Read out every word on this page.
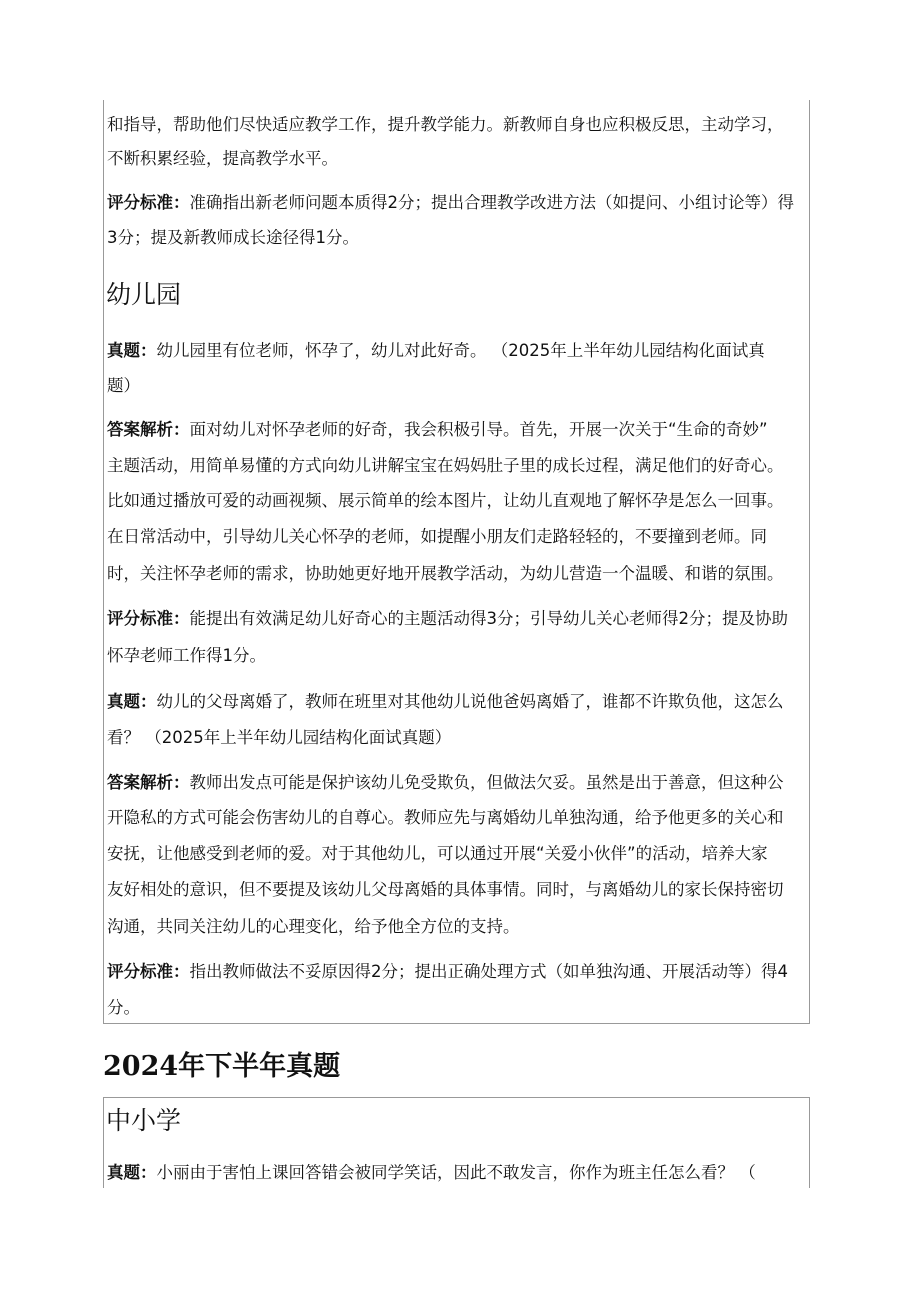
和指导，帮助他们尽快适应教学工作，提升教学能力。新教师自身也应积极反思，主动学习，
不断积累经验，提高教学水平。
评分标准：准确指出新老师问题本质得2分；提出合理教学改进方法（如提问、小组讨论等）得
3分；提及新教师成长途径得1分。
幼儿园
真题：幼儿园里有位老师，怀孕了，幼儿对此好奇。 （2025年上半年幼儿园结构化面试真
题）
答案解析：面对幼儿对怀孕老师的好奇，我会积极引导。首先，开展一次关于“生命的奇妙”
主题活动，用简单易懂的方式向幼儿讲解宝宝在妈妈肚子里的成长过程，满足他们的好奇心。
比如通过播放可爱的动画视频、展示简单的绘本图片，让幼儿直观地了解怀孕是怎么一回事。
在日常活动中，引导幼儿关心怀孕的老师，如提醒小朋友们走路轻轻的，不要撞到老师。同
时，关注怀孕老师的需求，协助她更好地开展教学活动，为幼儿营造一个温暖、和谐的氛围。
评分标准：能提出有效满足幼儿好奇心的主题活动得3分；引导幼儿关心老师得2分；提及协助
怀孕老师工作得1分。
真题：幼儿的父母离婚了，教师在班里对其他幼儿说他爸妈离婚了，谁都不许欺负他，这怎么
看？ （2025年上半年幼儿园结构化面试真题）
答案解析：教师出发点可能是保护该幼儿免受欺负，但做法欠妥。虽然是出于善意，但这种公
开隐私的方式可能会伤害幼儿的自尊心。教师应先与离婚幼儿单独沟通，给予他更多的关心和
安抚，让他感受到老师的爱。对于其他幼儿，可以通过开展“关爱小伙伴”的活动，培养大家
友好相处的意识，但不要提及该幼儿父母离婚的具体事情。同时，与离婚幼儿的家长保持密切
沟通，共同关注幼儿的心理变化，给予他全方位的支持。
评分标准：指出教师做法不妥原因得2分；提出正确处理方式（如单独沟通、开展活动等）得4
分。
2024年下半年真题
中小学
真题：小丽由于害怕上课回答错会被同学笑话，因此不敢发言，你作为班主任怎么看？ （
